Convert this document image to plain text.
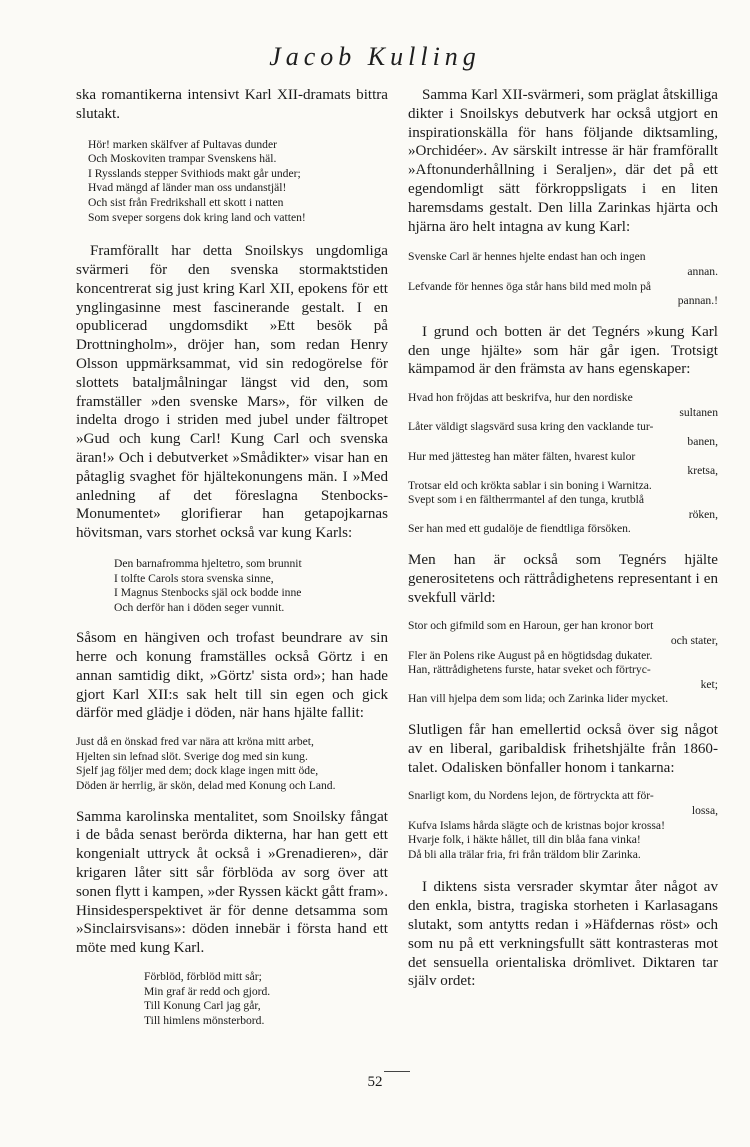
Jacob Kulling

ska romantikerna intensivt Karl XII-dramats bittra slutakt.

Hör! marken skälfver af Pultavas dunder
Och Moskoviten trampar Svenskens häl.
I Rysslands stepper Svithiods makt går under;
Hvad mängd af länder man oss undanstjäl!
Och sist från Fredrikshall ett skott i natten
Som sveper sorgens dok kring land och vatten!

Framförallt har detta Snoilskys ungdomliga svärmeri för den svenska stormaktstiden koncentrerat sig just kring Karl XII, epokens för ett ynglingasinne mest fascinerande gestalt. I en opublicerad ungdomsdikt »Ett besök på Drottningholm», dröjer han, som redan Henry Olsson uppmärksammat, vid sin redogörelse för slottets bataljmålningar längst vid den, som framställer »den svenske Mars», för vilken de indelta drogo i striden med jubel under fältropet »Gud och kung Carl! Kung Carl och svenska äran!» Och i debutverket »Smådikter» visar han en påtaglig svaghet för hjältekonungens män. I »Med anledning af det föreslagna Stenbocks-Monumentet» glorifierar han getapojkarnas hövitsman, vars storhet också var kung Karls:

Den barnafromma hjeltetro, som brunnit
I tolfte Carols stora svenska sinne,
I Magnus Stenbocks själ ock bodde inne
Och derför han i döden seger vunnit.

Såsom en hängiven och trofast beundrare av sin herre och konung framställes också Görtz i en annan samtidig dikt, »Görtz' sista ord»; han hade gjort Karl XII:s sak helt till sin egen och gick därför med glädje i döden, när hans hjälte fallit:

Just då en önskad fred var nära att kröna mitt arbet,
Hjelten sin lefnad slöt. Sverige dog med sin kung.
Sjelf jag följer med dem; dock klage ingen mitt öde,
Döden är herrlig, är skön, delad med Konung och Land.

Samma karolinska mentalitet, som Snoilsky fångat i de båda senast berörda dikterna, har han gett ett kongenialt uttryck åt också i »Grenadieren», där krigaren låter sitt sår förblöda av sorg över att sonen flytt i kampen, »der Ryssen käckt gått fram». Hinsidesperspektivet är för denne detsamma som »Sinclairsvisans»: döden innebär i första hand ett möte med kung Karl.

Förblöd, förblöd mitt sår;
Min graf är redd och gjord.
Till Konung Carl jag går,
Till himlens mönsterbord.

Samma Karl XII-svärmeri, som präglat åtskilliga dikter i Snoilskys debutverk har också utgjort en inspirationskälla för hans följande diktsamling, »Orchidéer». Av särskilt intresse är här framförallt »Aftonunderhållning i Seraljen», där det på ett egendomligt sätt förkroppsligats i en liten haremsdams gestalt. Den lilla Zarinkas hjärta och hjärna äro helt intagna av kung Karl:

Svenske Carl är hennes hjelte endast han och ingen
annan.
Lefvande för hennes öga står hans bild med moln på
pannan.!

I grund och botten är det Tegnérs »kung Karl den unge hjälte» som här går igen. Trotsigt kämpamod är den främsta av hans egenskaper:

Hvad hon fröjdas att beskrifva, hur den nordiske
sultanen
Låter väldigt slagsvärd susa kring den vacklande tur-
banen,
Hur med jättesteg han mäter fälten, hvarest kulor
kretsa,
Trotsar eld och kröktа sablar i sin boning i Warnitza.
Svept som i en fältherrmantel af den tunga, krutblå
röken,
Ser han med ett gudalöje de fiendtliga försöken.

Men han är också som Tegnérs hjälte generositetens och rättrådighetens representant i en svekfull värld:

Stor och gifmild som en Haroun, ger han kronor bort
och stater,
Fler än Polens rike August på en högtidsdag dukater.
Han, rättrådighetens furste, hatar sveket och förtryc-
ket;
Han vill hjelpa dem som lida; och Zarinka lider mycket.

Slutligen får han emellertid också över sig något av en liberal, garibaldisk frihetshjälte från 1860-talet. Odalisken bönfaller honom i tankarna:

Snarligt kom, du Nordens lejon, de förtryckta att för-
lossa,
Kufva Islams hårda slägte och de kristnas bojor krossa!
Hvarje folk, i häkte hållet, till din blåa fana vinka!
Då bli alla trälar fria, fri från träldom blir Zarinka.

I diktens sista versrader skymtar åter något av den enkla, bistra, tragiska storheten i Karlasagans slutakt, som antytts redan i »Häfdernas röst» och som nu på ett verkningsfullt sätt kontrasteras mot det sensuella orientaliska drömlivet. Diktaren tar själv ordet:

52
